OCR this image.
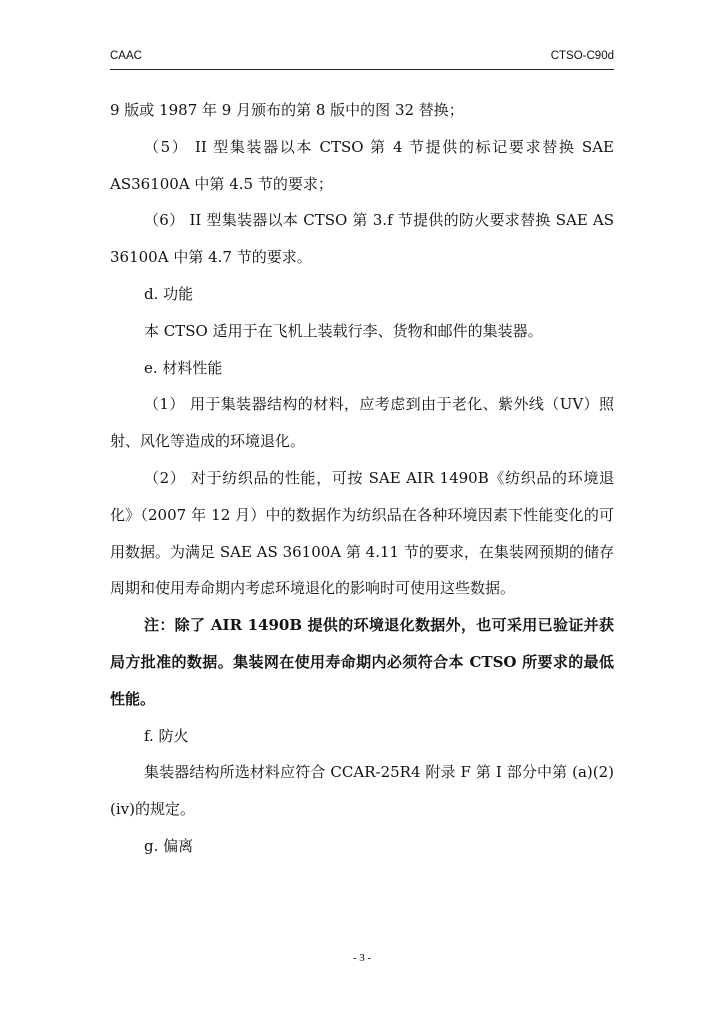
CAAC	CTSO-C90d

9 版或 1987 年 9 月颁布的第 8 版中的图 32 替换；

（5） II 型集装器以本 CTSO 第 4 节提供的标记要求替换 SAE AS36100A 中第 4.5 节的要求；

（6） II 型集装器以本 CTSO 第 3.f 节提供的防火要求替换 SAE AS 36100A 中第 4.7 节的要求。

d. 功能

本 CTSO 适用于在飞机上装载行李、货物和邮件的集装器。

e. 材料性能

（1） 用于集装器结构的材料，应考虑到由于老化、紫外线（UV）照射、风化等造成的环境退化。

（2） 对于纺织品的性能，可按 SAE AIR 1490B《纺织品的环境退化》（2007 年 12 月）中的数据作为纺织品在各种环境因素下性能变化的可用数据。为满足 SAE AS 36100A 第 4.11 节的要求，在集装网预期的储存周期和使用寿命期内考虑环境退化的影响时可使用这些数据。

注：除了 AIR 1490B 提供的环境退化数据外，也可采用已验证并获局方批准的数据。集装网在使用寿命期内必须符合本 CTSO 所要求的最低性能。

f. 防火

集装器结构所选材料应符合 CCAR-25R4 附录 F 第 I 部分中第 (a)(2)(iv)的规定。

g. 偏离

- 3 -
